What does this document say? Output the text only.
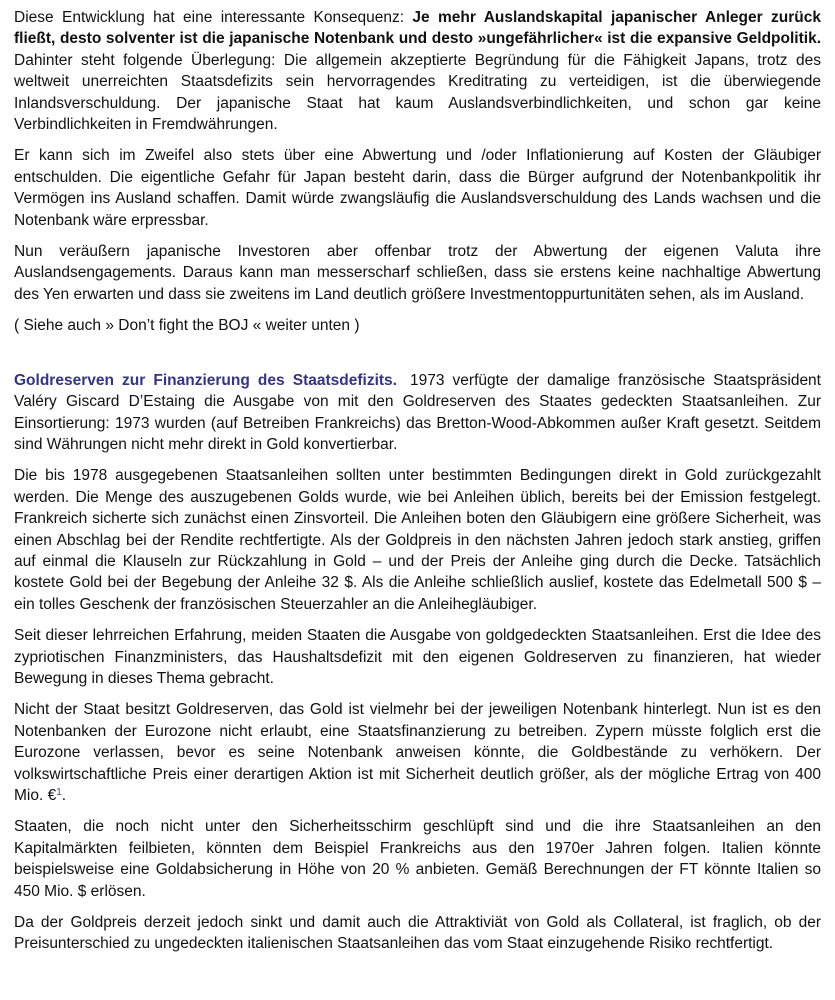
Diese Entwicklung hat eine interessante Konsequenz: Je mehr Auslandskapital japanischer Anleger zurück fließt, desto solventer ist die japanische Notenbank und desto »ungefährlicher« ist die expansive Geldpolitik. Dahinter steht folgende Überlegung: Die allgemein akzeptierte Begründung für die Fähigkeit Japans, trotz des weltweit unerreichten Staatsdefizits sein hervorragendes Kreditrating zu verteidigen, ist die überwiegende Inlandsverschuldung. Der japanische Staat hat kaum Auslandsverbindlichkeiten, und schon gar keine Verbindlichkeiten in Fremdwährungen.

Er kann sich im Zweifel also stets über eine Abwertung und /oder Inflationierung auf Kosten der Gläubiger entschulden. Die eigentliche Gefahr für Japan besteht darin, dass die Bürger aufgrund der Notenbankpolitik ihr Vermögen ins Ausland schaffen. Damit würde zwangsläufig die Auslandsverschuldung des Lands wachsen und die Notenbank wäre erpressbar.

Nun veräußern japanische Investoren aber offenbar trotz der Abwertung der eigenen Valuta ihre Auslandsengagements. Daraus kann man messerscharf schließen, dass sie erstens keine nachhaltige Abwertung des Yen erwarten und dass sie zweitens im Land deutlich größere Investmentoppurtunitäten sehen, als im Ausland.

( Siehe auch » Don’t fight the BOJ « weiter unten )

Goldreserven zur Finanzierung des Staatsdefizits. 1973 verfügte der damalige französische Staatspräsident Valéry Giscard D’Estaing die Ausgabe von mit den Goldreserven des Staates gedeckten Staatsanleihen. Zur Einsortierung: 1973 wurden (auf Betreiben Frankreichs) das Bretton-Wood-Abkommen außer Kraft gesetzt. Seitdem sind Währungen nicht mehr direkt in Gold konvertierbar.

Die bis 1978 ausgegebenen Staatsanleihen sollten unter bestimmten Bedingungen direkt in Gold zurückgezahlt werden. Die Menge des auszugebenen Golds wurde, wie bei Anleihen üblich, bereits bei der Emission festgelegt. Frankreich sicherte sich zunächst einen Zinsvorteil. Die Anleihen boten den Gläubigern eine größere Sicherheit, was einen Abschlag bei der Rendite rechtfertigte. Als der Goldpreis in den nächsten Jahren jedoch stark anstieg, griffen auf einmal die Klauseln zur Rückzahlung in Gold – und der Preis der Anleihe ging durch die Decke. Tatsächlich kostete Gold bei der Begebung der Anleihe 32 $. Als die Anleihe schließlich auslief, kostete das Edelmetall 500 $ – ein tolles Geschenk der französischen Steuerzahler an die Anleihegläubiger.

Seit dieser lehrreichen Erfahrung, meiden Staaten die Ausgabe von goldgedeckten Staatsanleihen. Erst die Idee des zypriotischen Finanzministers, das Haushaltsdefizit mit den eigenen Goldreserven zu finanzieren, hat wieder Bewegung in dieses Thema gebracht.

Nicht der Staat besitzt Goldreserven, das Gold ist vielmehr bei der jeweiligen Notenbank hinterlegt. Nun ist es den Notenbanken der Eurozone nicht erlaubt, eine Staatsfinanzierung zu betreiben. Zypern müsste folglich erst die Eurozone verlassen, bevor es seine Notenbank anweisen könnte, die Goldbestände zu verhökern. Der volkswirtschaftliche Preis einer derartigen Aktion ist mit Sicherheit deutlich größer, als der mögliche Ertrag von 400 Mio. €$^1$.

Staaten, die noch nicht unter den Sicherheitsschirm geschlüpft sind und die ihre Staatsanleihen an den Kapitalmärkten feilbieten, könnten dem Beispiel Frankreichs aus den 1970er Jahren folgen. Italien könnte beispielsweise eine Goldabsicherung in Höhe von 20 % anbieten. Gemäß Berechnungen der FT könnte Italien so 450 Mio. $ erlösen.

Da der Goldpreis derzeit jedoch sinkt und damit auch die Attraktiviät von Gold als Collateral, ist fraglich, ob der Preisunterschied zu ungedeckten italienischen Staatsanleihen das vom Staat einzugehende Risiko rechtfertigt.
